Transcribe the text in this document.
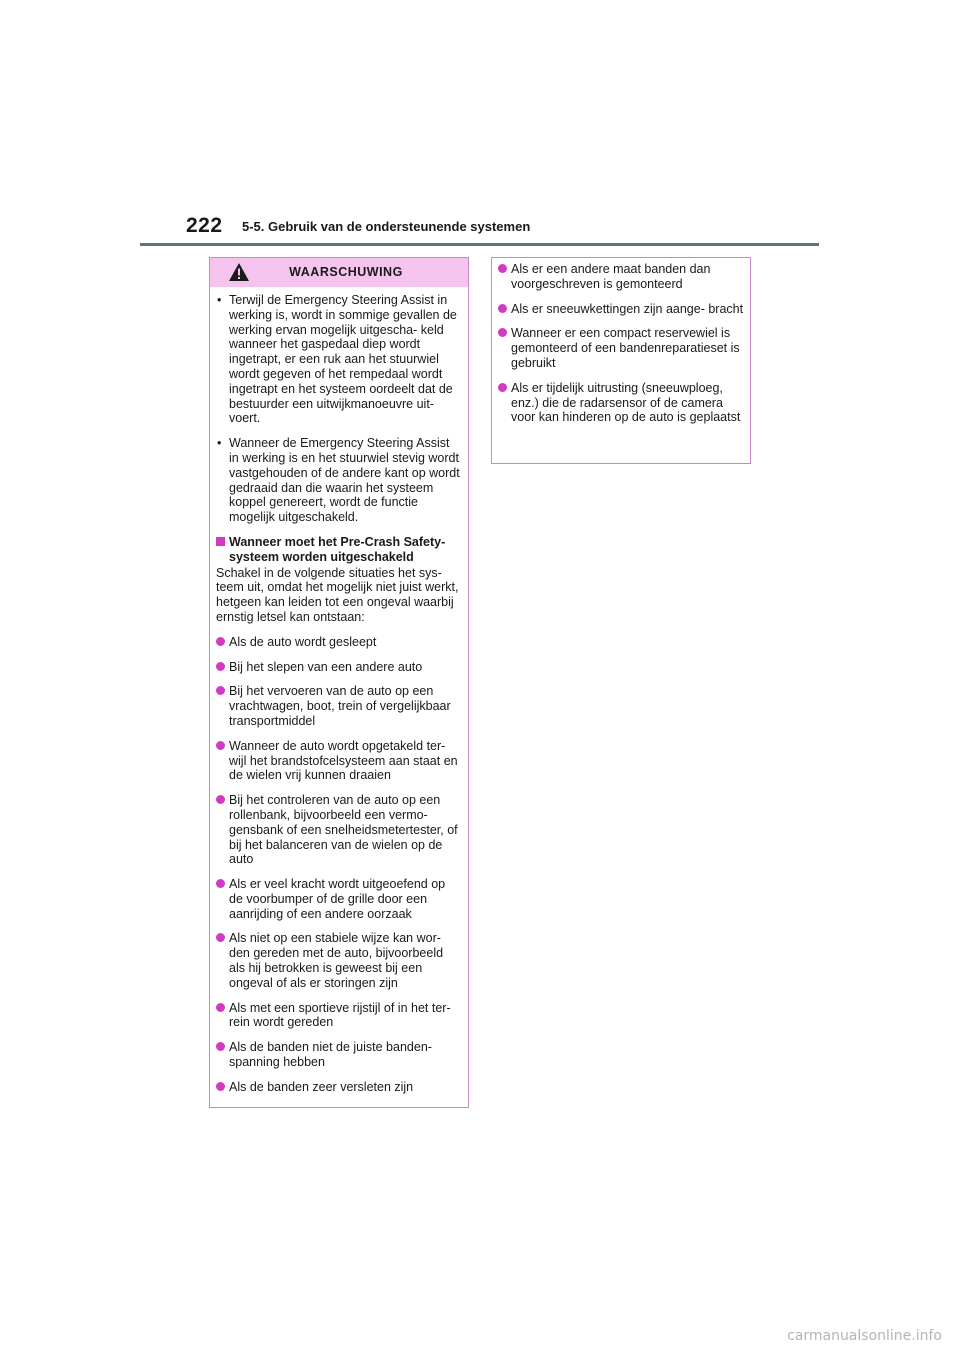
222 5-5. Gebruik van de ondersteunende systemen
WAARSCHUWING
• Terwijl de Emergency Steering Assist in werking is, wordt in sommige gevallen de werking ervan mogelijk uitgescha- keld wanneer het gaspedaal diep wordt ingetrapt, er een ruk aan het stuurwiel wordt gegeven of het rempedaal wordt ingetrapt en het systeem oordeelt dat de bestuurder een uitwijkmanoeuvre uit- voert.
• Wanneer de Emergency Steering Assist in werking is en het stuurwiel stevig wordt vastgehouden of de andere kant op wordt gedraaid dan die waarin het systeem koppel genereert, wordt de functie mogelijk uitgeschakeld.
Wanneer moet het Pre-Crash Safety- systeem worden uitgeschakeld
Schakel in de volgende situaties het sys- teem uit, omdat het mogelijk niet juist werkt, hetgeen kan leiden tot een ongeval waarbij ernstig letsel kan ontstaan:
Als de auto wordt gesleept
Bij het slepen van een andere auto
Bij het vervoeren van de auto op een vrachtwagen, boot, trein of vergelijkbaar transportmiddel
Wanneer de auto wordt opgetakeld ter- wijl het brandstofcelsysteem aan staat en de wielen vrij kunnen draaien
Bij het controleren van de auto op een rollenbank, bijvoorbeeld een vermo- gensbank of een snelheidsmetertester, of bij het balanceren van de wielen op de auto
Als er veel kracht wordt uitgeoefend op de voorbumper of de grille door een aanrijding of een andere oorzaak
Als niet op een stabiele wijze kan wor- den gereden met de auto, bijvoorbeeld als hij betrokken is geweest bij een ongeval of als er storingen zijn
Als met een sportieve rijstijl of in het ter- rein wordt gereden
Als de banden niet de juiste banden- spanning hebben
Als de banden zeer versleten zijn
Als er een andere maat banden dan voorgeschreven is gemonteerd
Als er sneeuwkettingen zijn aange- bracht
Wanneer er een compact reservewiel is gemonteerd of een bandenreparatieset is gebruikt
Als er tijdelijk uitrusting (sneeuwploeg, enz.) die de radarsensor of de camera voor kan hinderen op de auto is geplaatst
carmanualsonline.info
